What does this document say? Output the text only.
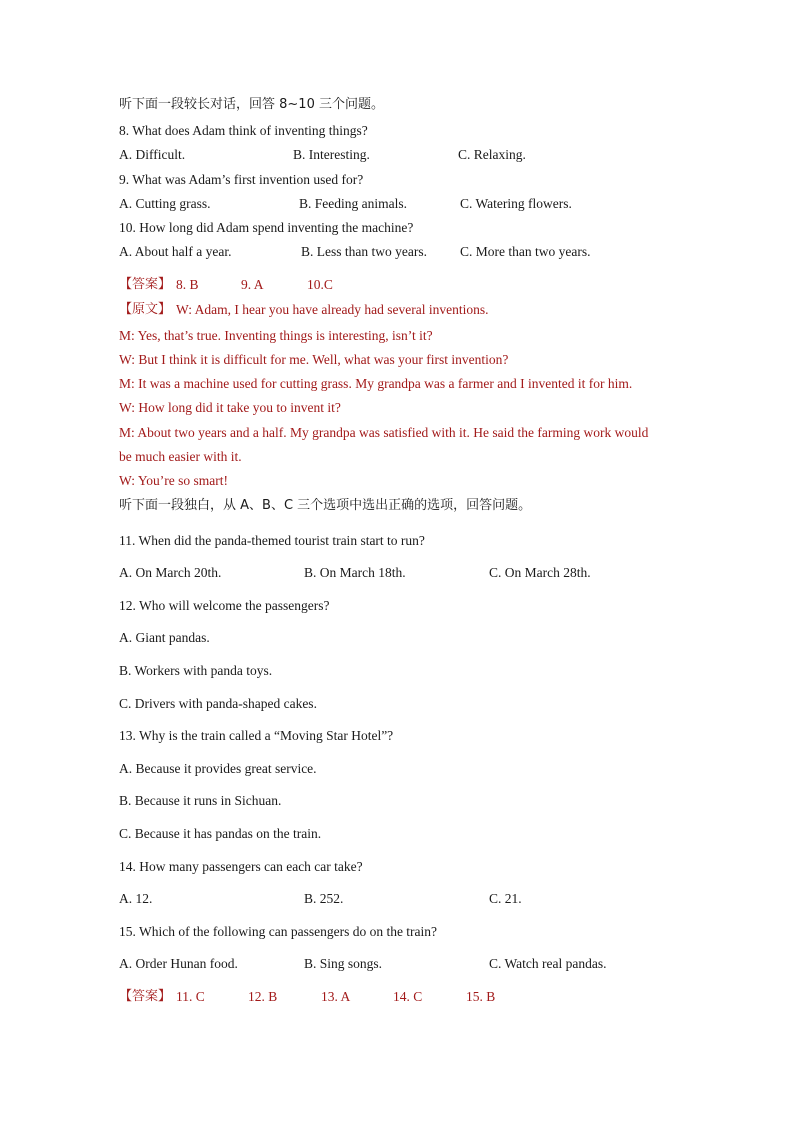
听下面一段较长对话，回答 8~10 三个问题。
8. What does Adam think of inventing things?
A. Difficult.	B. Interesting.	C. Relaxing.
9. What was Adam’s first invention used for?
A. Cutting grass.	B. Feeding animals.	C. Watering flowers.
10. How long did Adam spend inventing the machine?
A. About half a year.	B. Less than two years. C. More than two years.
【答案】 8. B	9. A	10.C
【原文】 W: Adam, I hear you have already had several inventions.
M: Yes, that’s true. Inventing things is interesting, isn’t it?
W: But I think it is difficult for me. Well, what was your first invention?
M: It was a machine used for cutting grass. My grandpa was a farmer and I invented it for him.
W: How long did it take you to invent it?
M: About two years and a half. My grandpa was satisfied with it. He said the farming work would
be much easier with it.
W: You’re so smart!
听下面一段独白，从 A、B、C 三个选项中选出正确的选项，回答问题。
11. When did the panda-themed tourist train start to run?
A. On March 20th.	B. On March 18th.	C. On March 28th.
12. Who will welcome the passengers?
A. Giant pandas.
B. Workers with panda toys.
C. Drivers with panda-shaped cakes.
13. Why is the train called a “Moving Star Hotel”?
A. Because it provides great service.
B. Because it runs in Sichuan.
C. Because it has pandas on the train.
14. How many passengers can each car take?
A. 12.	B. 252.	C. 21.
15. Which of the following can passengers do on the train?
A. Order Hunan food.	B. Sing songs.	C. Watch real pandas.
【答案】 11. C	12. B	13. A	14. C	15. B
